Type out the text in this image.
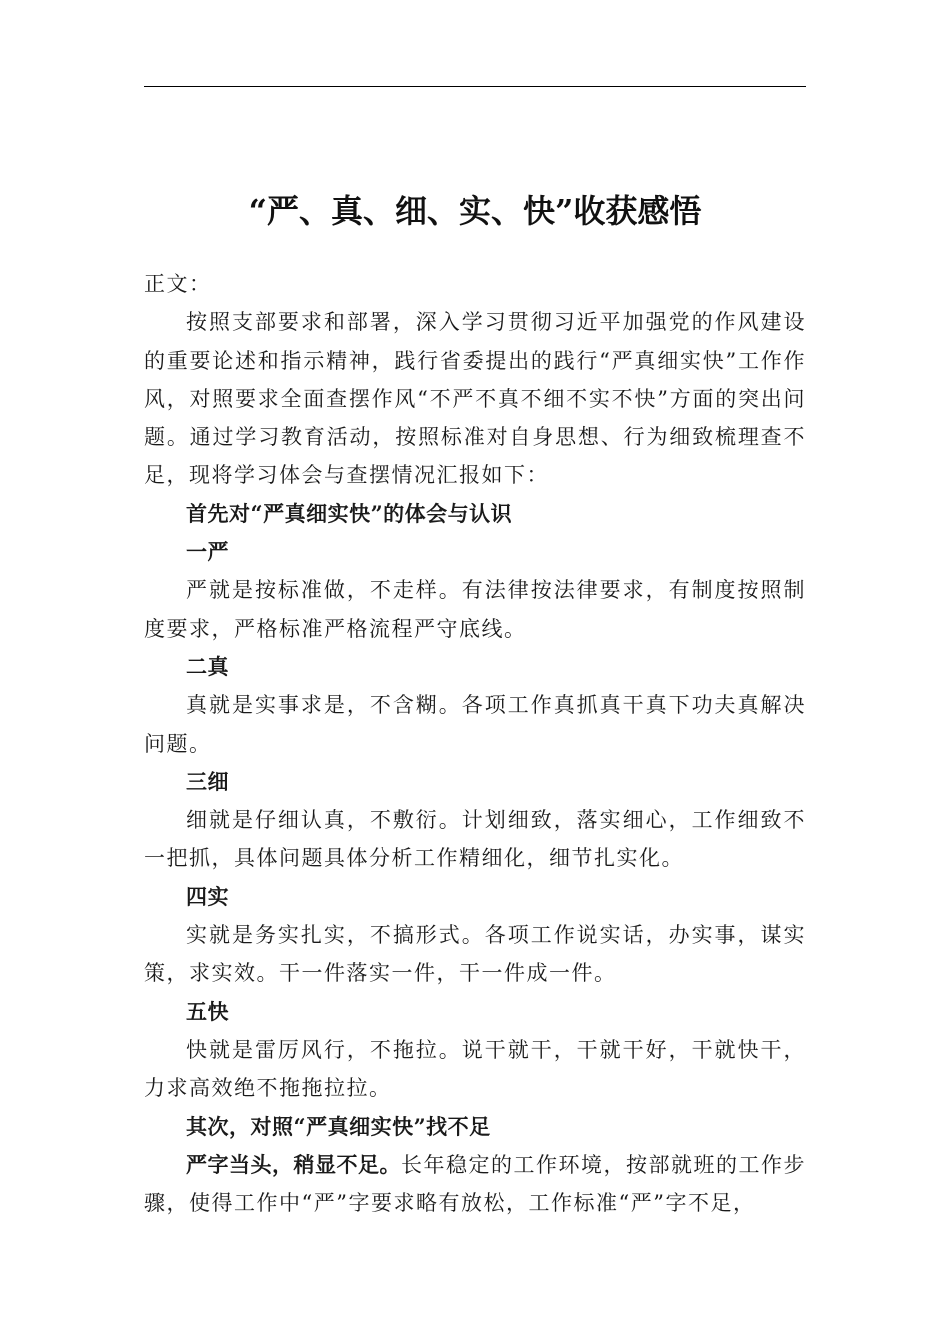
“严、真、细、实、快”收获感悟

正文：

按照支部要求和部署，深入学习贯彻习近平加强党的作风建设的重要论述和指示精神，践行省委提出的践行“严真细实快”工作作风，对照要求全面查摆作风“不严不真不细不实不快”方面的突出问题。通过学习教育活动，按照标准对自身思想、行为细致梳理查不足，现将学习体会与查摆情况汇报如下：

首先对“严真细实快”的体会与认识

一严

严就是按标准做，不走样。有法律按法律要求，有制度按照制度要求，严格标准严格流程严守底线。

二真

真就是实事求是，不含糊。各项工作真抓真干真下功夫真解决问题。

三细

细就是仔细认真，不敷衍。计划细致，落实细心，工作细致不一把抓，具体问题具体分析工作精细化，细节扎实化。

四实

实就是务实扎实，不搞形式。各项工作说实话，办实事，谋实策，求实效。干一件落实一件，干一件成一件。

五快

快就是雷厉风行，不拖拉。说干就干，干就干好，干就快干，力求高效绝不拖拖拉拉。

其次，对照“严真细实快”找不足

严字当头，稍显不足。长年稳定的工作环境，按部就班的工作步骤，使得工作中“严”字要求略有放松，工作标准“严”字不足，
